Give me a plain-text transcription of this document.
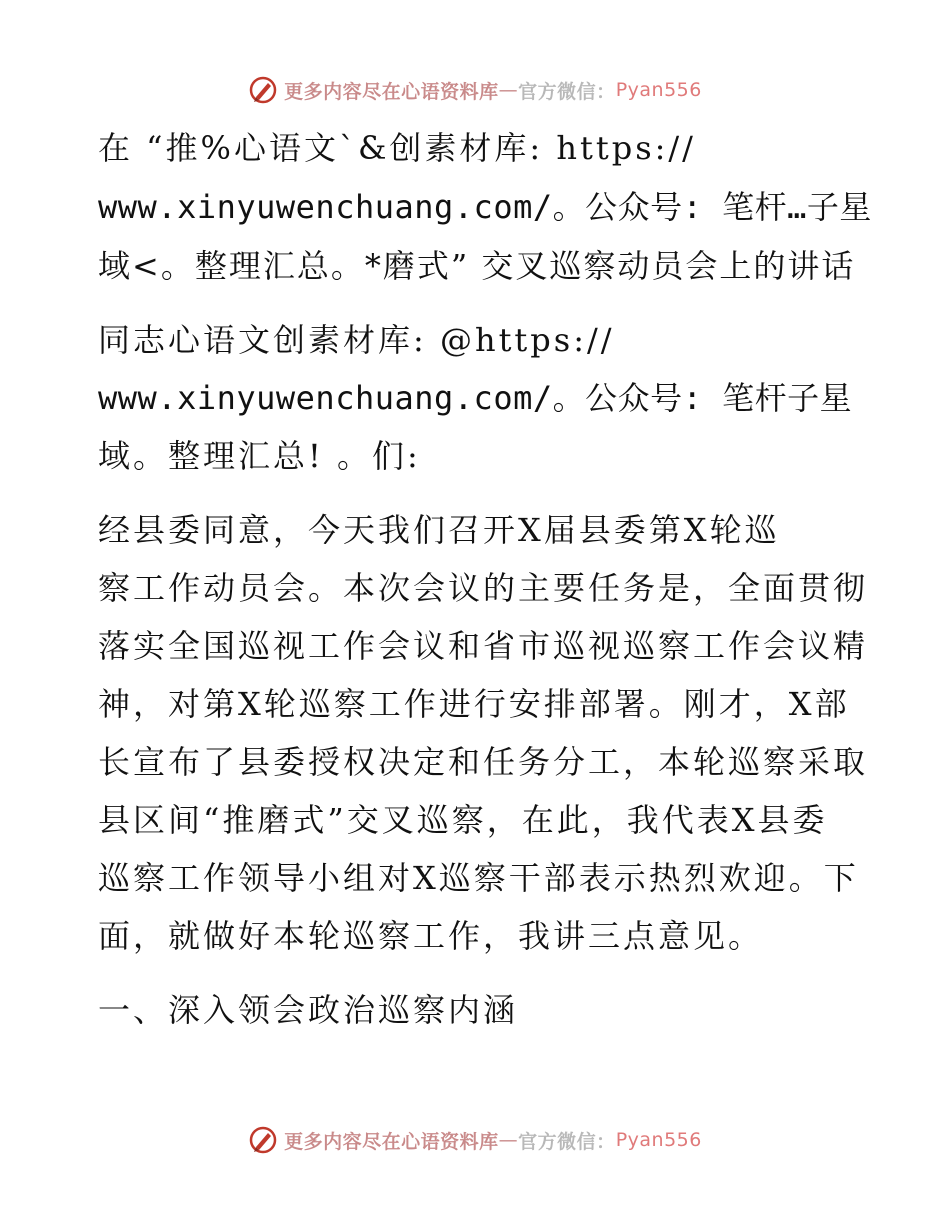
更多内容尽在心语资料库 — 官方微信： Pyan556
在 “推%心语文`&创素材库: https://
www.xinyuwenchuang.com/。公众号: 笔杆…子星
域<。整理汇总。*磨式” 交叉巡察动员会上的讲话
同志心语文创素材库: @https://
www.xinyuwenchuang.com/。公众号: 笔杆子星
域。整理汇总! 。们:
经县委同意，今天我们召开X届县委第X轮巡
察工作动员会。本次会议的主要任务是，全面贯彻
落实全国巡视工作会议和省市巡视巡察工作会议精
神，对第X轮巡察工作进行安排部署。刚才，X部
长宣布了县委授权决定和任务分工，本轮巡察采取
县区间“推磨式”交叉巡察，在此，我代表X县委
巡察工作领导小组对X巡察干部表示热烈欢迎。下
面，就做好本轮巡察工作，我讲三点意见。
一、深入领会政治巡察内涵
更多内容尽在心语资料库 — 官方微信： Pyan556
